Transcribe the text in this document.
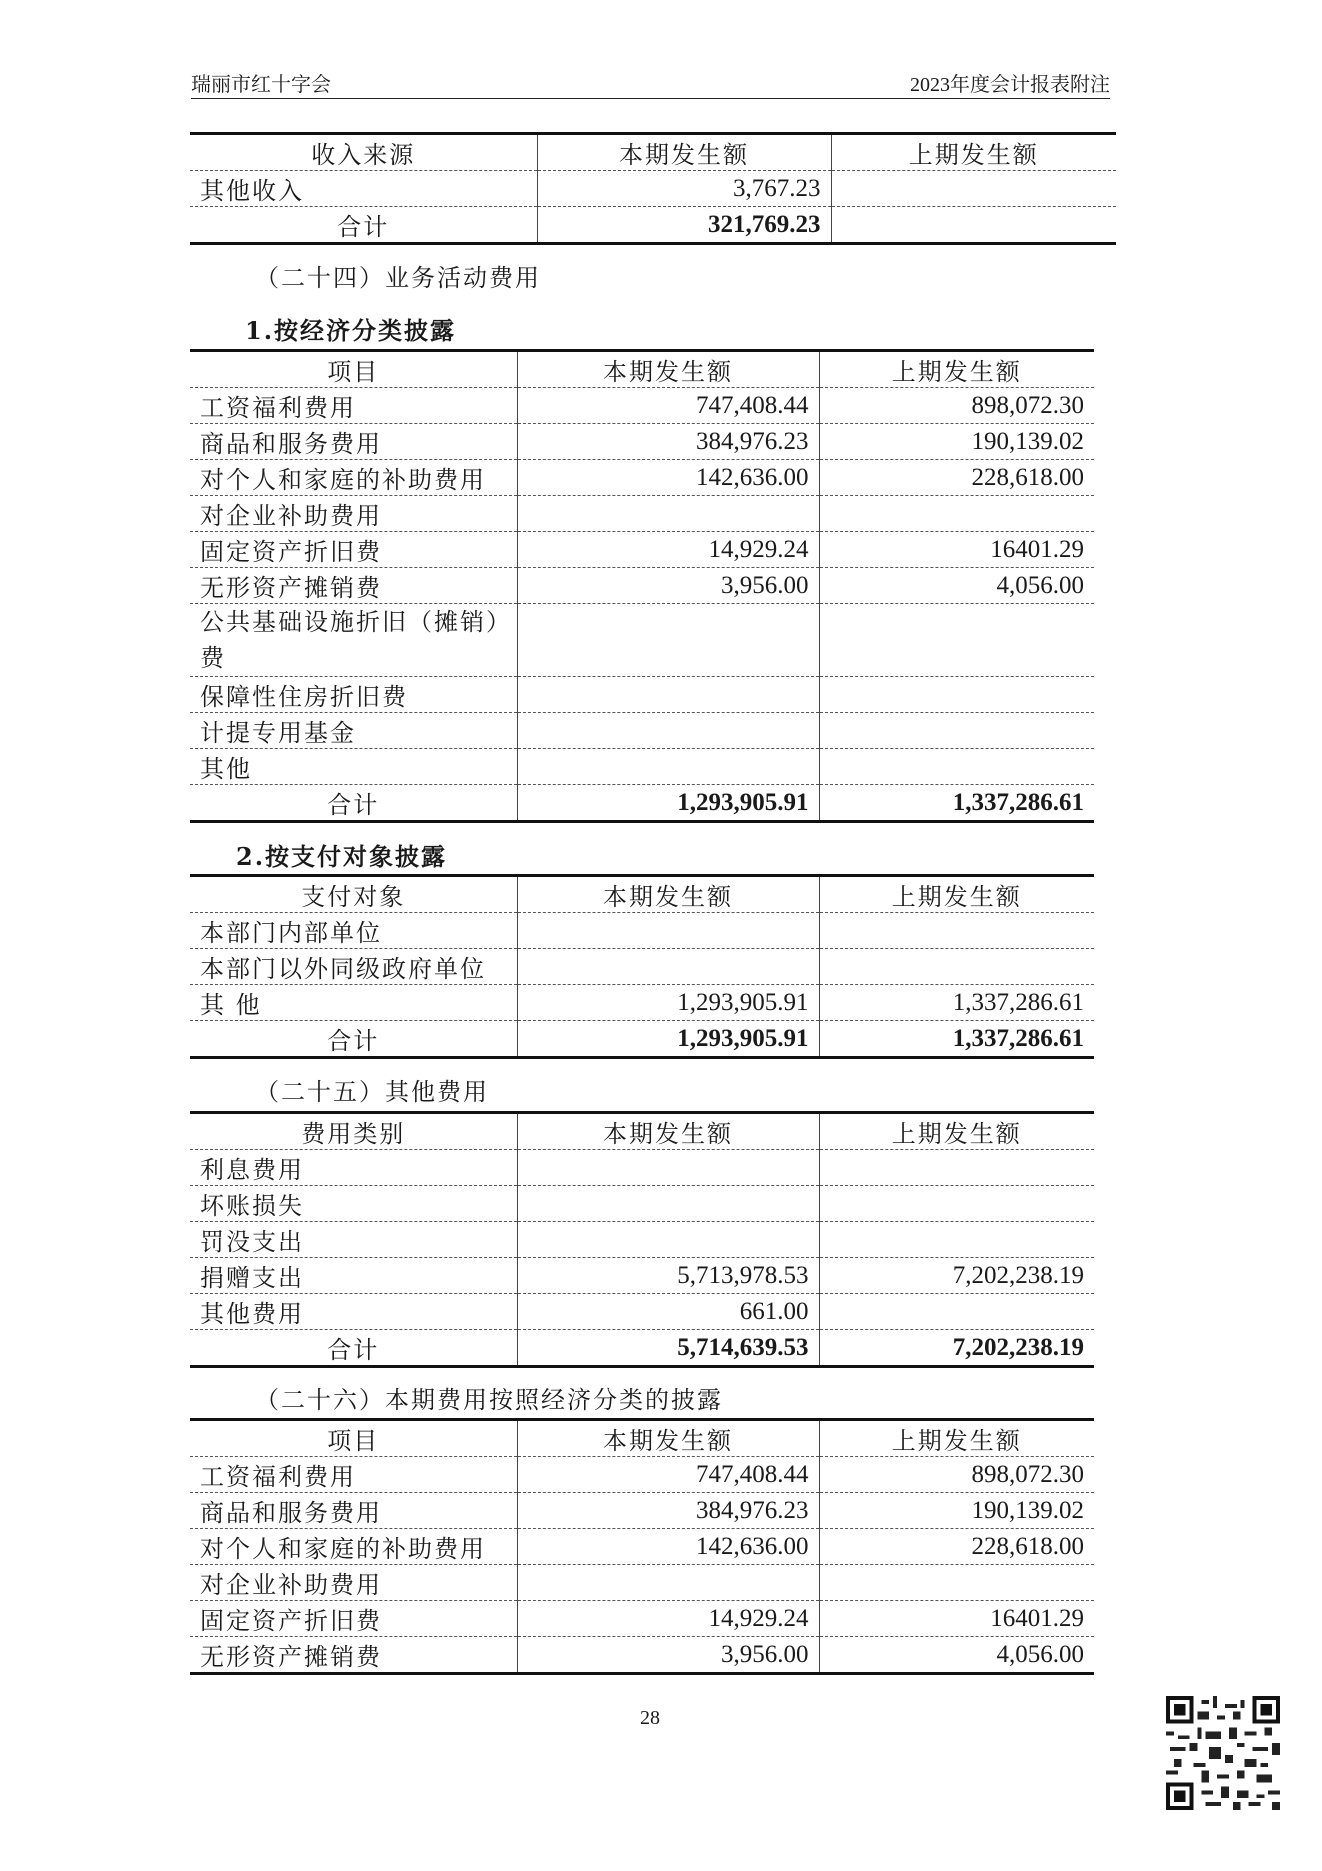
瑞丽市红十字会	2023年度会计报表附注
收入来源	本期发生额	上期发生额
其他收入	3,767.23	
合计	321,769.23	
（二十四）业务活动费用
1.按经济分类披露
项目	本期发生额	上期发生额
工资福利费用	747,408.44	898,072.30
商品和服务费用	384,976.23	190,139.02
对个人和家庭的补助费用	142,636.00	228,618.00
对企业补助费用		
固定资产折旧费	14,929.24	16401.29
无形资产摊销费	3,956.00	4,056.00
公共基础设施折旧（摊销）费		
保障性住房折旧费		
计提专用基金		
其他		
合计	1,293,905.91	1,337,286.61
2.按支付对象披露
支付对象	本期发生额	上期发生额
本部门内部单位		
本部门以外同级政府单位		
其 他	1,293,905.91	1,337,286.61
合计	1,293,905.91	1,337,286.61
（二十五）其他费用
费用类别	本期发生额	上期发生额
利息费用		
坏账损失		
罚没支出		
捐赠支出	5,713,978.53	7,202,238.19
其他费用	661.00	
合计	5,714,639.53	7,202,238.19
（二十六）本期费用按照经济分类的披露
项目	本期发生额	上期发生额
工资福利费用	747,408.44	898,072.30
商品和服务费用	384,976.23	190,139.02
对个人和家庭的补助费用	142,636.00	228,618.00
对企业补助费用		
固定资产折旧费	14,929.24	16401.29
无形资产摊销费	3,956.00	4,056.00
28
